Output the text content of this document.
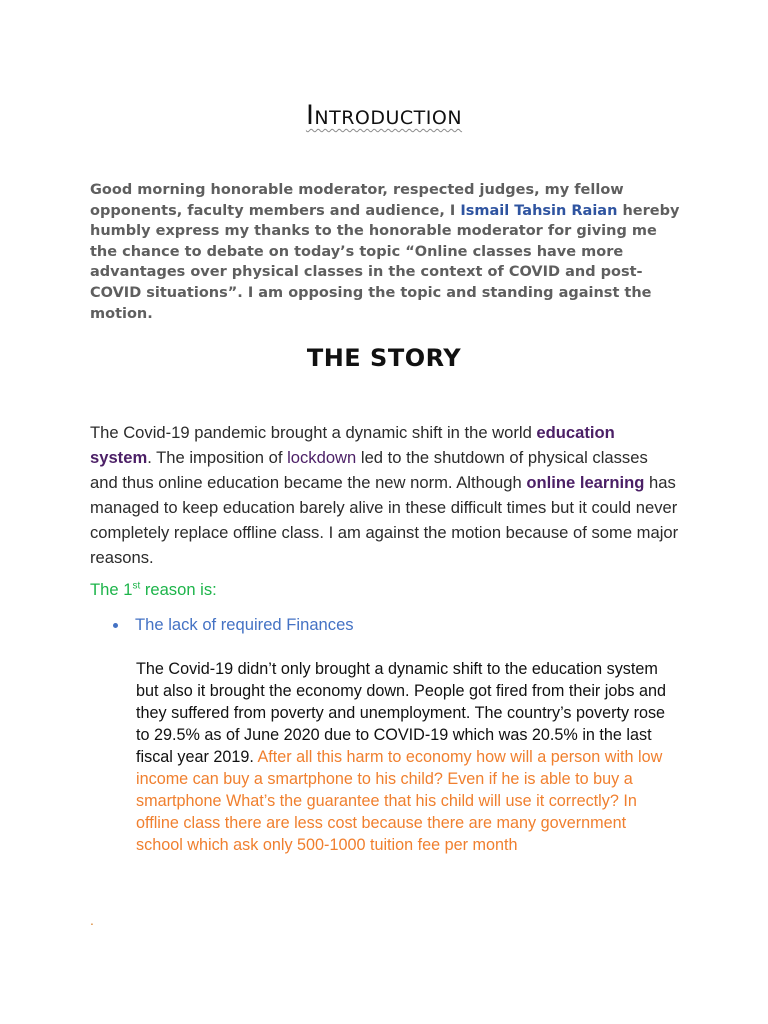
Introduction

Good morning honorable moderator, respected judges, my fellow opponents, faculty members and audience, I Ismail Tahsin Raian hereby humbly express my thanks to the honorable moderator for giving me the chance to debate on today’s topic “Online classes have more advantages over physical classes in the context of COVID and post-COVID situations”. I am opposing the topic and standing against the motion.

THE STORY

The Covid-19 pandemic brought a dynamic shift in the world education system. The imposition of lockdown led to the shutdown of physical classes and thus online education became the new norm. Although online learning has managed to keep education barely alive in these difficult times but it could never completely replace offline class. I am against the motion because of some major reasons.

The 1st reason is:

The lack of required Finances

The Covid-19 didn’t only brought a dynamic shift to the education system but also it brought the economy down. People got fired from their jobs and they suffered from poverty and unemployment. The country’s poverty rose to 29.5% as of June 2020 due to COVID-19 which was 20.5% in the last fiscal year 2019. After all this harm to economy how will a person with low income can buy a smartphone to his child? Even if he is able to buy a smartphone What’s the guarantee that his child will use it correctly? In offline class there are less cost because there are many government school which ask only 500-1000 tuition fee per month

.
